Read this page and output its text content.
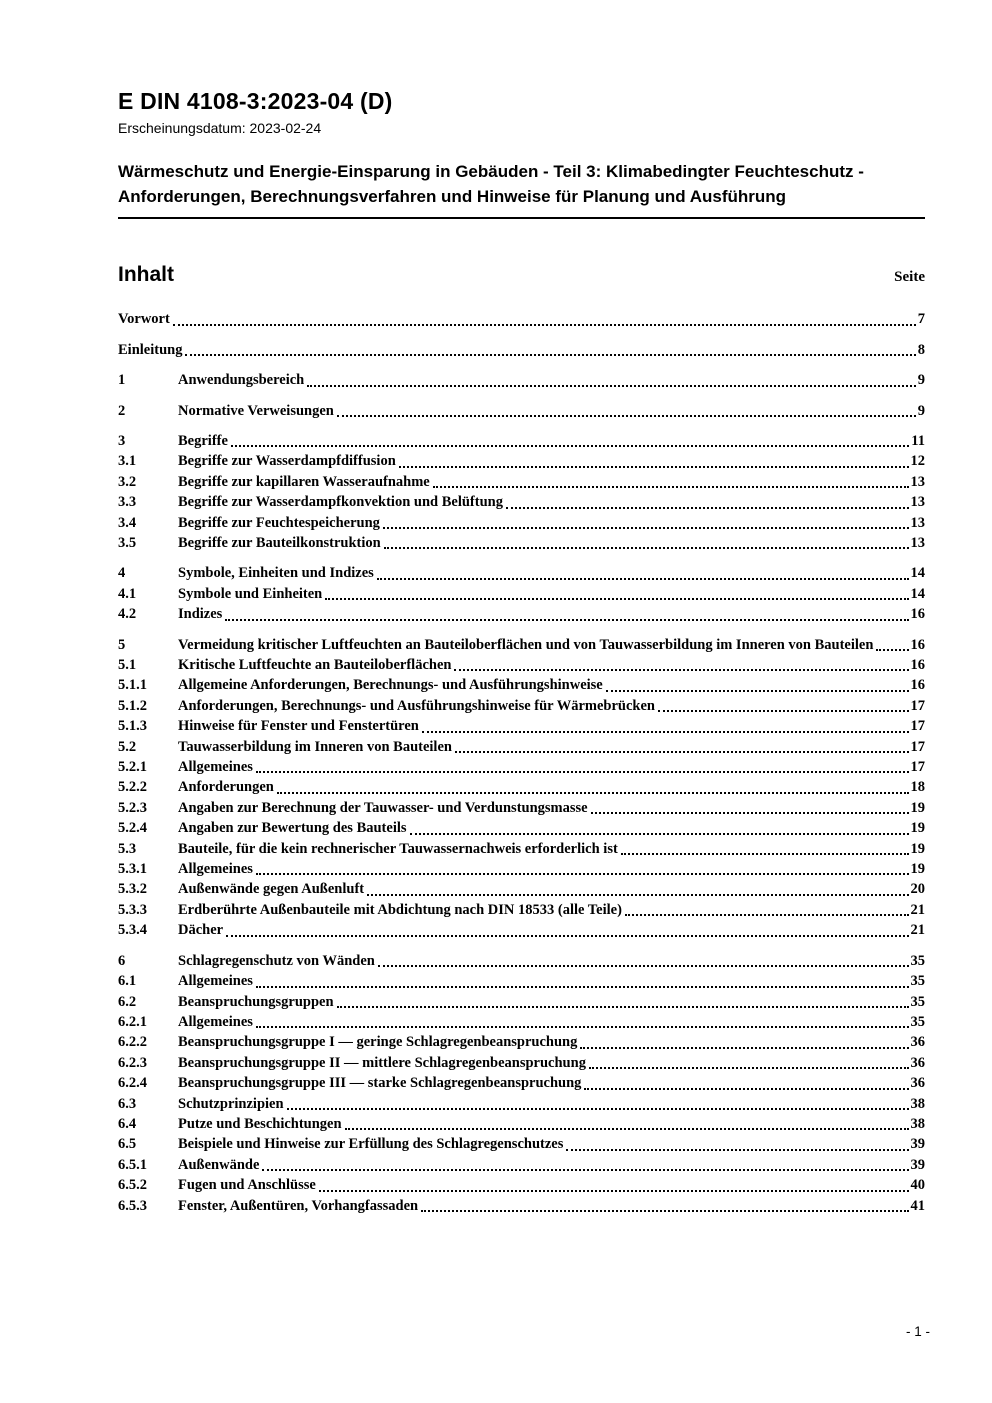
E DIN 4108-3:2023-04 (D)
Erscheinungsdatum: 2023-02-24
Wärmeschutz und Energie-Einsparung in Gebäuden - Teil 3: Klimabedingter Feuchteschutz - Anforderungen, Berechnungsverfahren und Hinweise für Planung und Ausführung
Inhalt	Seite
Vorwort	7
Einleitung	8
1	Anwendungsbereich	9
2	Normative Verweisungen	9
3	Begriffe	11
3.1	Begriffe zur Wasserdampfdiffusion	12
3.2	Begriffe zur kapillaren Wasseraufnahme	13
3.3	Begriffe zur Wasserdampfkonvektion und Belüftung	13
3.4	Begriffe zur Feuchtespeicherung	13
3.5	Begriffe zur Bauteilkonstruktion	13
4	Symbole, Einheiten und Indizes	14
4.1	Symbole und Einheiten	14
4.2	Indizes	16
5	Vermeidung kritischer Luftfeuchten an Bauteiloberflächen und von Tauwasserbildung im Inneren von Bauteilen	16
5.1	Kritische Luftfeuchte an Bauteiloberflächen	16
5.1.1	Allgemeine Anforderungen, Berechnungs- und Ausführungshinweise	16
5.1.2	Anforderungen, Berechnungs- und Ausführungshinweise für Wärmebrücken	17
5.1.3	Hinweise für Fenster und Fenstertüren	17
5.2	Tauwasserbildung im Inneren von Bauteilen	17
5.2.1	Allgemeines	17
5.2.2	Anforderungen	18
5.2.3	Angaben zur Berechnung der Tauwasser- und Verdunstungsmasse	19
5.2.4	Angaben zur Bewertung des Bauteils	19
5.3	Bauteile, für die kein rechnerischer Tauwassernachweis erforderlich ist	19
5.3.1	Allgemeines	19
5.3.2	Außenwände gegen Außenluft	20
5.3.3	Erdberührte Außenbauteile mit Abdichtung nach DIN 18533 (alle Teile)	21
5.3.4	Dächer	21
6	Schlagregenschutz von Wänden	35
6.1	Allgemeines	35
6.2	Beanspruchungsgruppen	35
6.2.1	Allgemeines	35
6.2.2	Beanspruchungsgruppe I — geringe Schlagregenbeanspruchung	36
6.2.3	Beanspruchungsgruppe II — mittlere Schlagregenbeanspruchung	36
6.2.4	Beanspruchungsgruppe III — starke Schlagregenbeanspruchung	36
6.3	Schutzprinzipien	38
6.4	Putze und Beschichtungen	38
6.5	Beispiele und Hinweise zur Erfüllung des Schlagregenschutzes	39
6.5.1	Außenwände	39
6.5.2	Fugen und Anschlüsse	40
6.5.3	Fenster, Außentüren, Vorhangfassaden	41
- 1 -
